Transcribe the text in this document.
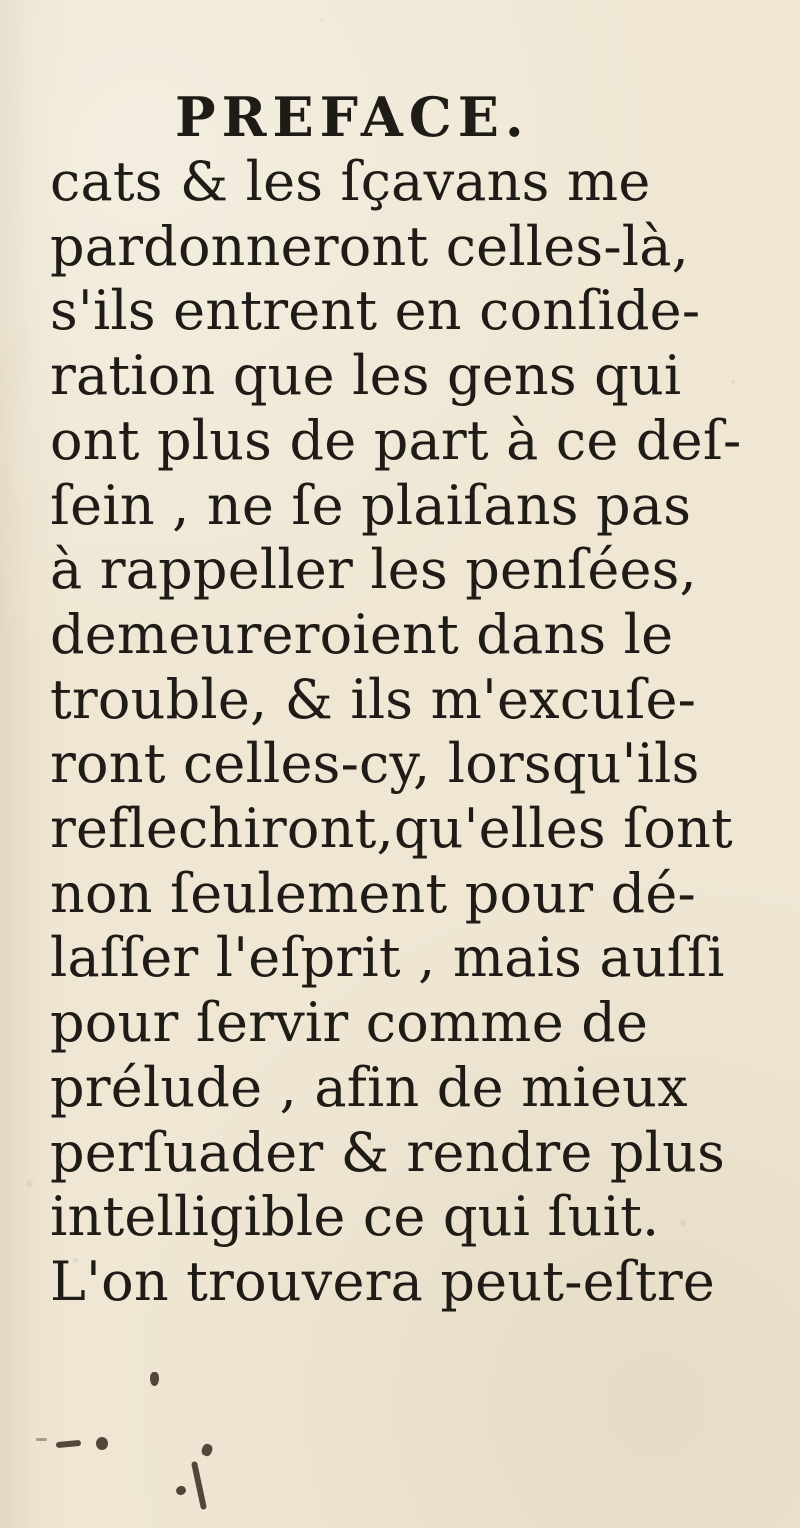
PREFACE.
cats & les ſçavans me
pardonneront celles-là,
s'ils entrent en conſide-
ration que les gens qui
ont plus de part à ce deſ-
ſein , ne ſe plaiſans pas
à rappeller les penſées,
demeureroient dans le
trouble, & ils m'excuſe-
ront celles-cy, lorsqu'ils
reflechiront,qu'elles ſont
non ſeulement pour dé-
laſſer l'eſprit , mais auſſi
pour ſervir comme de
prélude , afin de mieux
perſuader & rendre plus
intelligible ce qui ſuit.
L'on trouvera peut-eſtre
